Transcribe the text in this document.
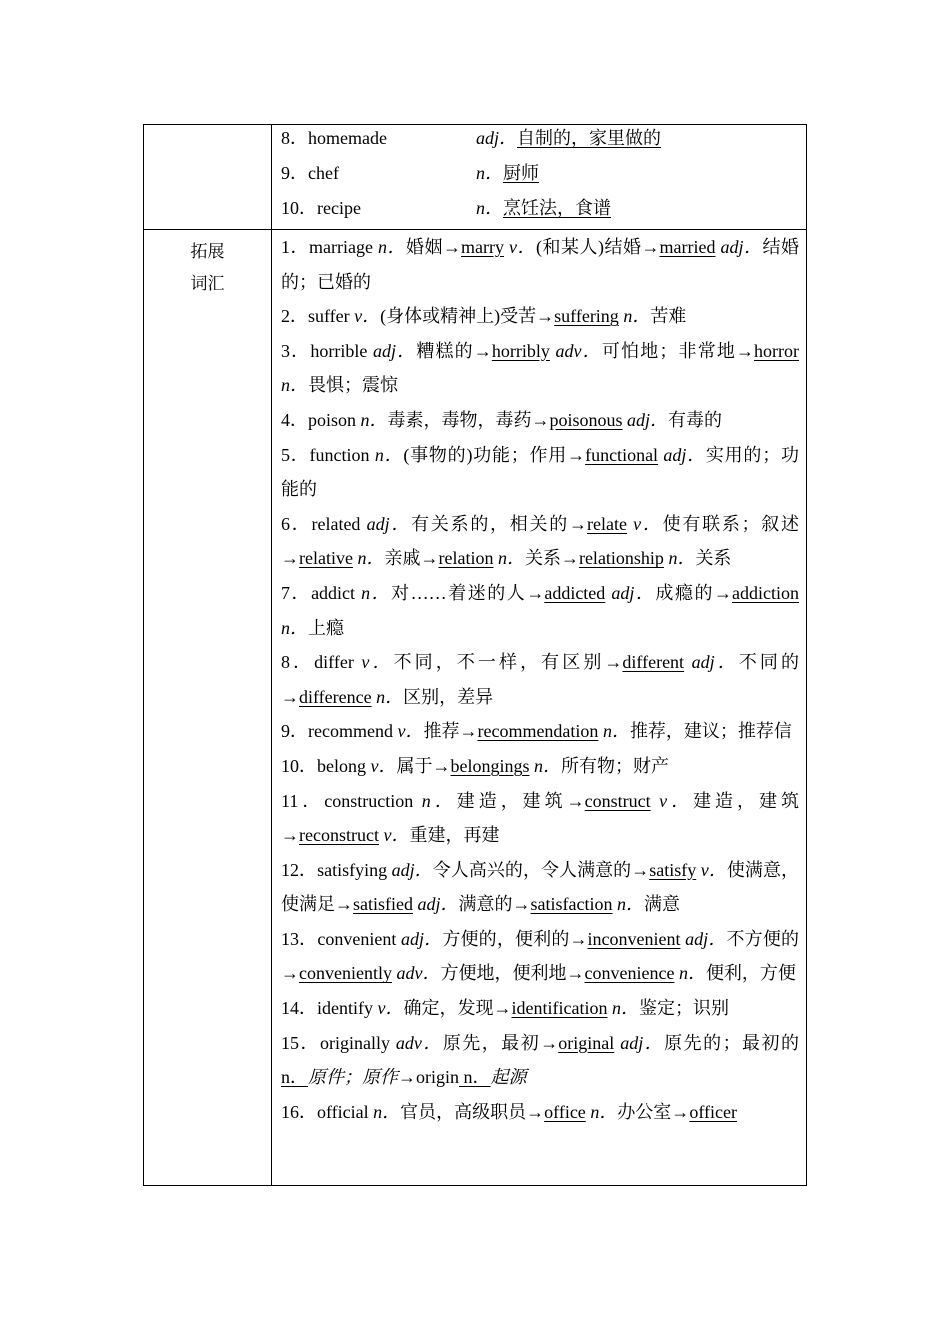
8．homemade	adj．自制的，家里做的
9．chef	n．厨师
10．recipe	n．烹饪法，食谱
拓展
词汇

1．marriage n．婚姻→marry v．(和某人)结婚→married adj．结婚的；已婚的

2．suffer v．(身体或精神上)受苦→suffering n．苦难

3．horrible adj．糟糕的→horribly adv．可怕地；非常地→horror n．畏惧；震惊

4．poison n．毒素，毒物，毒药→poisonous adj．有毒的

5．function n．(事物的)功能；作用→functional adj．实用的；功能的

6．related adj．有关系的，相关的→relate v．使有联系；叙述→relative n．亲戚→relation n．关系→relationship n．关系

7．addict n．对……着迷的人→addicted adj．成瘾的→addiction n．上瘾

8．differ v．不同，不一样，有区别→different adj．不同的→difference n．区别，差异

9．recommend v．推荐→recommendation n．推荐，建议；推荐信

10．belong v．属于→belongings n．所有物；财产

11．construction n．建造，建筑→construct v．建造，建筑→reconstruct v．重建，再建

12．satisfying adj．令人高兴的，令人满意的→satisfy v．使满意，使满足→satisfied adj．满意的→satisfaction n．满意

13．convenient adj．方便的，便利的→inconvenient adj．不方便的→conveniently adv．方便地，便利地→convenience n．便利，方便

14．identify v．确定，发现→identification n．鉴定；识别

15．originally adv．原先，最初→original adj．原先的；最初的 n．原件；原作→origin n．起源

16．official n．官员，高级职员→office n．办公室→officer
